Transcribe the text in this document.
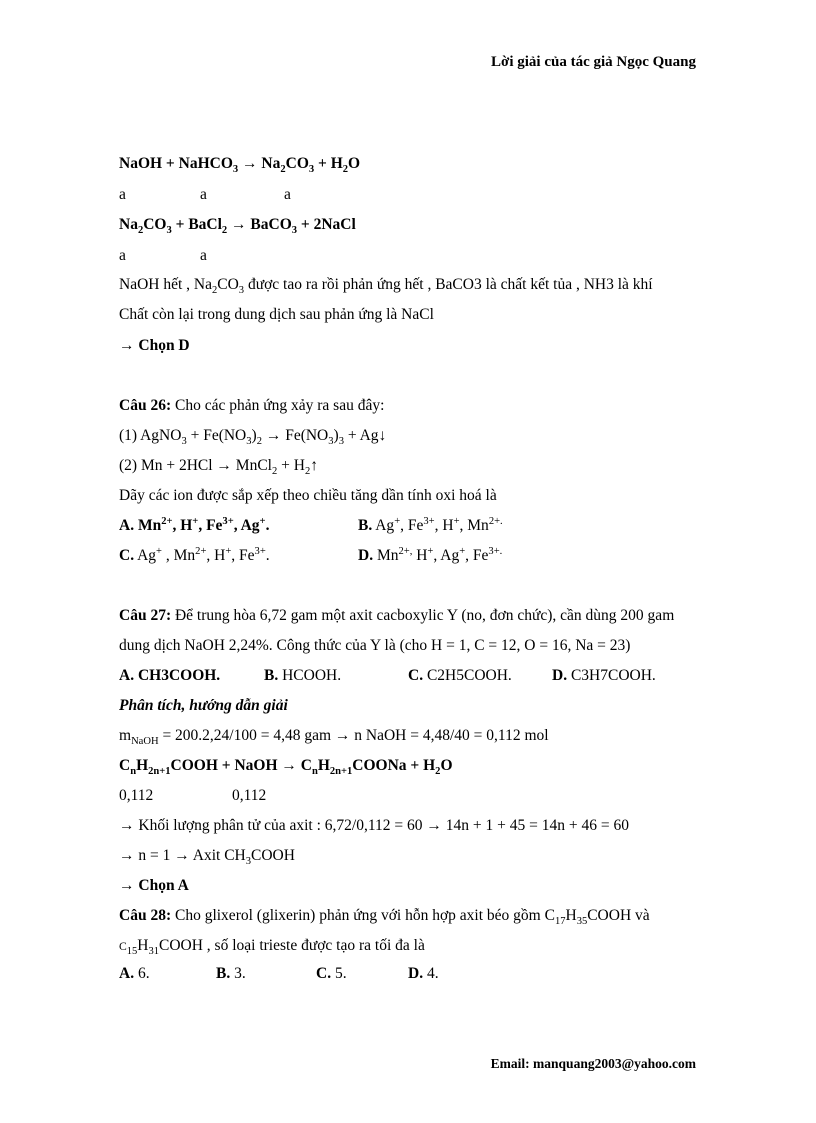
Lời giải của tác giả Ngọc Quang
NaOH + NaHCO$_3$ → $Na_2CO_3 + H_2O$
a	a	a
$Na_2CO_3$ + BaCl$_2$ → BaCO$_3$ + 2NaCl
a	a
NaOH hết , $Na_2CO_3$ được tao ra rồi phản ứng hết , BaCO3 là chất kết tủa , NH3 là khí
Chất còn lại trong dung dịch sau phản ứng là NaCl
→ Chọn D
Câu 26: Cho các phản ứng xảy ra sau đây:
(1) AgNO$_3$ + $Fe(NO_3)_2 \to Fe(NO_3)_3$ + Ag↓
(2) Mn + 2HCl → MnCl$_2$ + $H_2↑$
Dãy các ion được sắp xếp theo chiều tăng dần tính oxi hoá là
A. $Mn^{2+}$, H+, $Fe^{3+}$, Ag+.	B. Ag+, $Fe^{3+}$, H+, $Mn^{2+.}$
C. Ag+ , $Mn^{2+}$, H+, $Fe^{3+}$.	D. $Mn^{2+,}$ H+, Ag+, $Fe^{3+.}$
Câu 27: Để trung hòa 6,72 gam một axit cacboxylic Y (no, đơn chức), cần dùng 200 gam
dung dịch NaOH 2,24%. Công thức của Y là (cho H = 1, C = 12, O = 16, Na = 23)
A. CH3COOH.	B. HCOOH.	C. C2H5COOH.	D. C3H7COOH.
Phân tích, hướng dẫn giải
$m_{NaOH} = 200.2,24/100 = 4,48$ gam → n NaOH = 4,48/40 = 0,112 mol
$C_nH_{2n+1}COOH$ + NaOH → $C_nH_{2n+1}COONa + H_2O$
0,112	0,112
→ Khối lượng phân tử của axit : 6,72/0,112 = 60 → 14n + 1 + 45 = 14n + 46 = 60
→ n = 1 → Axit $CH_3COOH$
→ Chọn A
Câu 28: Cho glixerol (glixerin) phản ứng với hỗn hợp axit béo gồm $C_{17}H_{35}COOH$ và
$C_{15}H_{31}COOH$ , số loại trieste được tạo ra tối đa là
A. 6.	B. 3.	C. 5.	D. 4.
Email: manquang2003@yahoo.com
